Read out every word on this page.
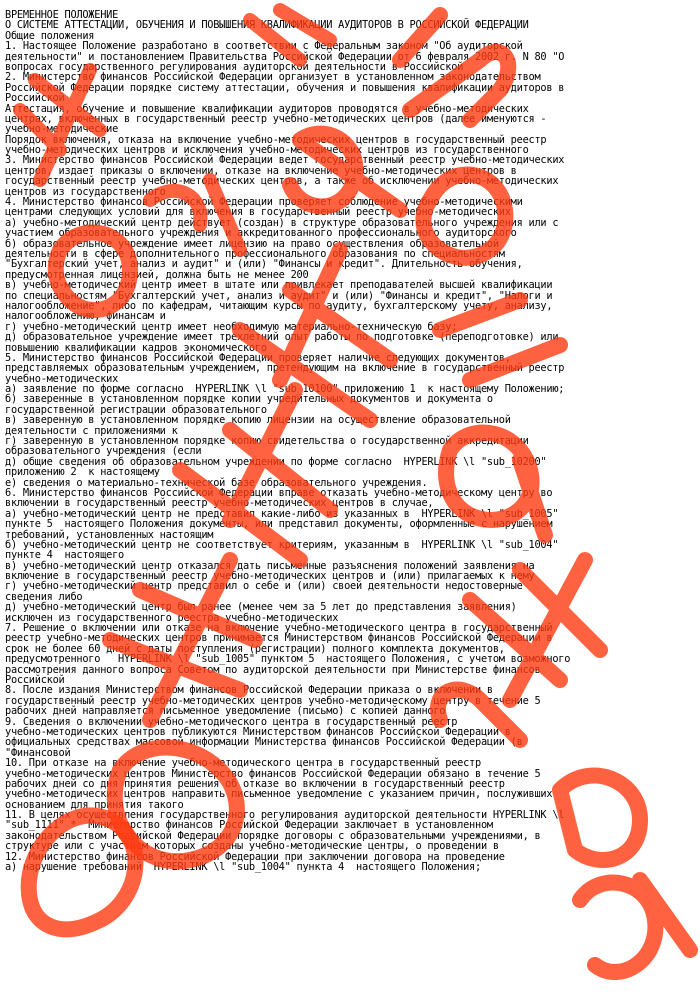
ВРЕМЕННОЕ ПОЛОЖЕНИЕ
О СИСТЕМЕ АТТЕСТАЦИИ, ОБУЧЕНИЯ И ПОВЫШЕНИЯ КВАЛИФИКАЦИИ АУДИТОРОВ В РОССИЙСКОЙ ФЕДЕРАЦИИ
Общие положения
1. Настоящее Положение разработано в соответствии с Федеральным законом "Об аудиторской
деятельности" и постановлением Правительства Российской Федерации от 6 февраля 2002 г. N 80 "О
вопросах государственного регулирования аудиторской деятельности в Российской
2. Министерство финансов Российской Федерации организует в установленном законодательством
Российской Федерации порядке систему аттестации, обучения и повышения квалификации аудиторов в
Российской
Аттестация, обучение и повышение квалификации аудиторов проводятся в учебно-методических
центрах, включенных в государственный реестр учебно-методических центров (далее именуются -
учебно-методические
Порядок включения, отказа на включение учебно-методических центров в государственный реестр
учебно-методических центров и исключения учебно-методических центров из государственного
3. Министерство финансов Российской Федерации ведет государственный реестр учебно-методических
центров, издает приказы о включении, отказе на включение учебно-методических центров в
государственный реестр учебно-методических центров, а также об исключении учебно-методических
центров из государственного
4. Министерство финансов Российской Федерации проверяет соблюдение учебно-методическими
центрами следующих условий для включения в государственный реестр учебно-методических
а) учебно-методический центр действует (создан) в структуре образовательного учреждения или с
участием образовательного учреждения и аккредитованного профессионального аудиторского
б) образовательное учреждение имеет лицензию на право осуществления образовательной
деятельности в сфере дополнительного профессионального образования по специальностям
"Бухгалтерский учет, анализ и аудит" и (или) "Финансы и кредит". Длительность обучения,
предусмотренная лицензией, должна быть не менее 200
в) учебно-методический центр имеет в штате или привлекает преподавателей высшей квалификации
по специальностям "Бухгалтерский учет, анализ и аудит" и (или) "Финансы и кредит", "Налоги и
налогообложение", либо по кафедрам, читающим курсы по аудиту, бухгалтерскому учету, анализу,
налогообложению, финансам и
г) учебно-методический центр имеет необходимую материально-техническую базу;
д) образовательное учреждение имеет трехлетний опыт работы по подготовке (переподготовке) или
повышению квалификации кадров экономического
5. Министерство финансов Российской Федерации проверяет наличие следующих документов,
представляемых образовательным учреждением, претендующим на включение в государственный реестр
учебно-методических
а) заявление по форме согласно  HYPERLINK \l "sub_10100" приложению 1  к настоящему Положению;
б) заверенные в установленном порядке копии учредительных документов и документа о
государственной регистрации образовательного
в) заверенную в установленном порядке копию лицензии на осуществление образовательной
деятельности с приложениями к
г) заверенную в установленном порядке копию свидетельства о государственной аккредитации
образовательного учреждения (если
д) общие сведения об образовательном учреждении по форме согласно  HYPERLINK \l "sub_10200"
приложению 2  к настоящему
е) сведения о материально-технической базе образовательного учреждения.
6. Министерство финансов Российской Федерации вправе отказать учебно-методическому центру во
включении в государственный реестр учебно-методических центров в случае,
а) учебно-методический центр не представил какие-либо из указанных в  HYPERLINK \l "sub_1005"
пункте 5  настоящего Положения документы, или представил документы, оформленные с нарушением
требований, установленных настоящим
б) учебно-методический центр не соответствует критериям, указанным в  HYPERLINK \l "sub_1004"
пункте 4  настоящего
в) учебно-методический центр отказался дать письменные разъяснения положений заявления на
включение в государственный реестр учебно-методических центров и (или) прилагаемых к нему
г) учебно-методический центр представил о себе и (или) своей деятельности недостоверные
сведения либо
д) учебно-методический центр был ранее (менее чем за 5 лет до представления заявления)
исключен из государственного реестра учебно-методических
7. Решение о включении или отказе на включение учебно-методического центра в государственный
реестр учебно-методических центров принимается Министерством финансов Российской Федерации в
срок не более 60 дней с даты поступления (регистрации) полного комплекта документов,
предусмотренного   HYPERLINK \l "sub_1005" пунктом 5  настоящего Положения, с учетом возможного
рассмотрения данного вопроса Советом по аудиторской деятельности при Министерстве финансов
Российской
8. После издания Министерством финансов Российской Федерации приказа о включении в
государственный реестр учебно-методических центров учебно-методическому центру в течение 5
рабочих дней направляется письменное уведомление (письмо) с копией данного
9. Сведения о включении учебно-методического центра в государственный реестр
учебно-методических центров публикуются Министерством финансов Российской Федерации в
официальных средствах массовой информации Министерства финансов Российской Федерации (в
"Финансовой
10. При отказе на включение учебно-методического центра в государственный реестр
учебно-методических центров Министерство финансов Российской Федерации обязано в течение 5
рабочих дней со дня принятия решения об отказе во включении в государственный реестр
учебно-методических центров направить письменное уведомление с указанием причин, послуживших
основанием для принятия такого
11. В целях осуществления государственного регулирования аудиторской деятельности HYPERLINK \l
"sub_1111" *  Министерство финансов Российской Федерации заключает в установленном
законодательством Российской Федерации порядке договоры с образовательными учреждениями, в
структуре или с участием которых созданы учебно-методические центры, о проведении в
12. Министерство финансов Российской Федерации при заключении договора на проведение
а) нарушение требований  HYPERLINK \l "sub_1004" пункта 4  настоящего Положения;
